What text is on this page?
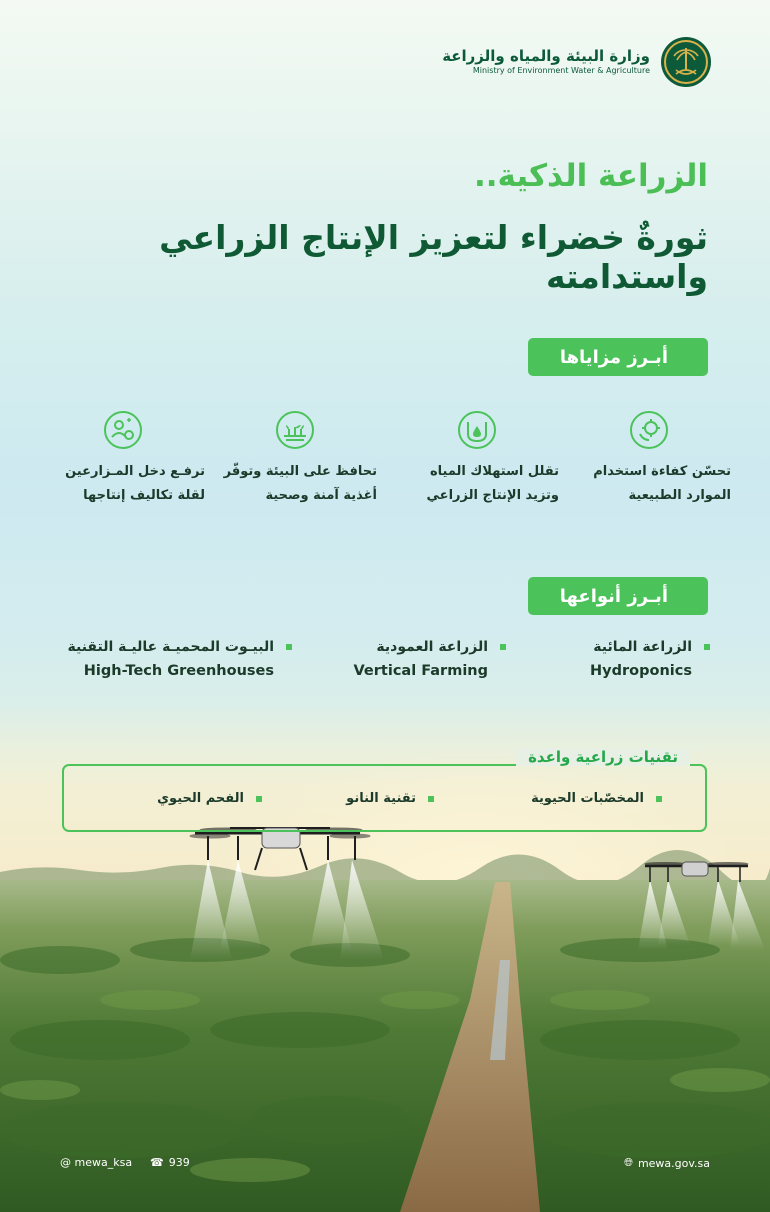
وزارة البيئة والمياه والزراعة
Ministry of Environment Water & Agriculture
الزراعة الذكية..
ثورةٌ خضراء لتعزيز الإنتاج الزراعي واستدامته
أبـرز مزاياها
تحسّن كفاءة استخدام
الموارد الطبيعية
تقلل استهلاك المياه
وتزيد الإنتاج الزراعي
تحافظ على البيئة وتوفّر
أغذية آمنة وصحية
ترفـع دخل المـزارعين
لقلة تكاليف إنتاجها
أبـرز أنواعها
الزراعة المائية
Hydroponics
الزراعة العمودية
Vertical Farming
البيـوت المحميـة عاليـة التقنية
High-Tech Greenhouses
تقنيات زراعية واعدة
المخصّبات الحيوية
تقنية النانو
الفحم الحيوي
@ mewa_ksa ☎ 939	🌐︎ mewa.gov.sa
